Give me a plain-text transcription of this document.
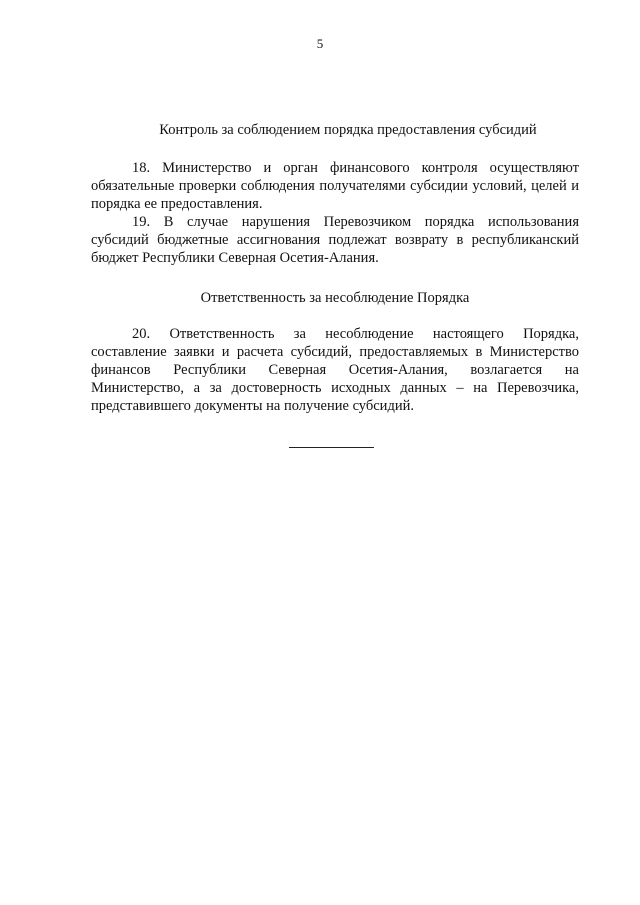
5

Контроль за соблюдением порядка предоставления субсидий

18. Министерство и орган финансового контроля осуществляют обязательные проверки соблюдения получателями субсидии условий, целей и порядка ее предоставления.

19. В случае нарушения Перевозчиком порядка использования субсидий бюджетные ассигнования подлежат возврату в республиканский бюджет Республики Северная Осетия-Алания.

Ответственность за несоблюдение Порядка

20. Ответственность за несоблюдение настоящего Порядка, составление заявки и расчета субсидий, предоставляемых в Министерство финансов Республики Северная Осетия-Алания, возлагается на Министерство, а за достоверность исходных данных – на Перевозчика, представившего документы на получение субсидий.
